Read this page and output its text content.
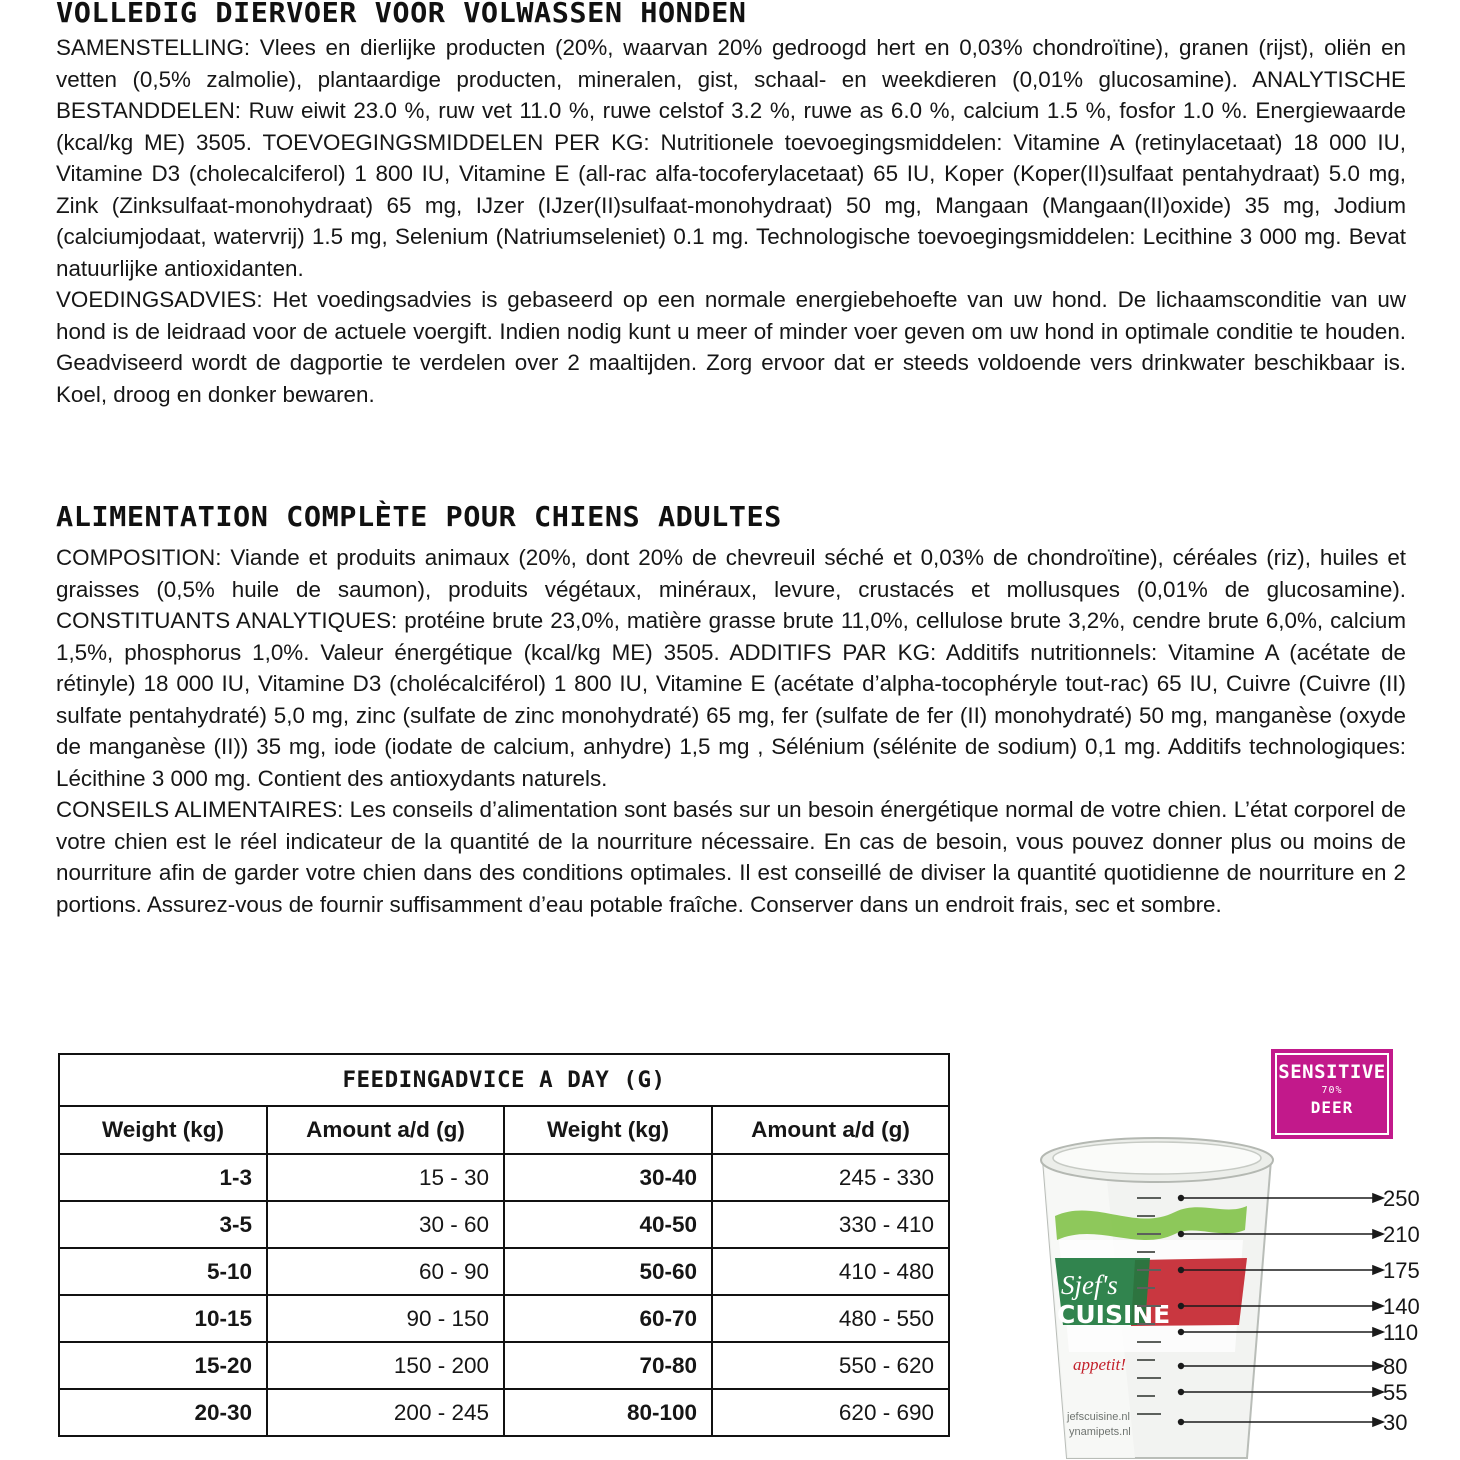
VOLLEDIG DIERVOER VOOR VOLWASSEN HONDEN

SAMENSTELLING: Vlees en dierlijke producten (20%, waarvan 20% gedroogd hert en 0,03% chondroïtine), granen (rijst), oliën en vetten (0,5% zalmolie), plantaardige producten, mineralen, gist, schaal- en weekdieren (0,01% glucosamine). ANALYTISCHE BESTANDDELEN: Ruw eiwit 23.0 %, ruw vet 11.0 %, ruwe celstof 3.2 %, ruwe as 6.0 %, calcium 1.5 %, fosfor 1.0 %. Energiewaarde (kcal/kg ME) 3505. TOEVOEGINGSMIDDELEN PER KG: Nutritionele toevoegingsmiddelen: Vitamine A (retinylacetaat) 18 000 IU, Vitamine D3 (cholecalciferol) 1 800 IU, Vitamine E (all-rac alfa-tocoferylacetaat) 65 IU, Koper (Koper(II)sulfaat pentahydraat) 5.0 mg, Zink (Zinksulfaat-monohydraat) 65 mg, IJzer (IJzer(II)sulfaat-monohydraat) 50 mg, Mangaan (Mangaan(II)oxide) 35 mg, Jodium (calciumjodaat, watervrij) 1.5 mg, Selenium (Natriumseleniet) 0.1 mg. Technologische toevoegingsmiddelen: Lecithine 3 000 mg. Bevat natuurlijke antioxidanten.

VOEDINGSADVIES: Het voedingsadvies is gebaseerd op een normale energiebehoefte van uw hond. De lichaamsconditie van uw hond is de leidraad voor de actuele voergift. Indien nodig kunt u meer of minder voer geven om uw hond in optimale conditie te houden. Geadviseerd wordt de dagportie te verdelen over 2 maaltijden. Zorg ervoor dat er steeds voldoende vers drinkwater beschikbaar is. Koel, droog en donker bewaren.

ALIMENTATION COMPLÈTE POUR CHIENS ADULTES

COMPOSITION: Viande et produits animaux (20%, dont 20% de chevreuil séché et 0,03% de chondroïtine), céréales (riz), huiles et graisses (0,5% huile de saumon), produits végétaux, minéraux, levure, crustacés et mollusques (0,01% de glucosamine). CONSTITUANTS ANALYTIQUES: protéine brute 23,0%, matière grasse brute 11,0%, cellulose brute 3,2%, cendre brute 6,0%, calcium 1,5%, phosphorus 1,0%. Valeur énergétique (kcal/kg ME) 3505. ADDITIFS PAR KG: Additifs nutritionnels: Vitamine A (acétate de rétinyle) 18 000 IU, Vitamine D3 (cholécalciférol) 1 800 IU, Vitamine E (acétate d’alpha-tocophéryle tout-rac) 65 IU, Cuivre (Cuivre (II) sulfate pentahydraté) 5,0 mg, zinc (sulfate de zinc monohydraté) 65 mg, fer (sulfate de fer (II) monohydraté) 50 mg, manganèse (oxyde de manganèse (II)) 35 mg, iode (iodate de calcium, anhydre) 1,5 mg , Sélénium (sélénite de sodium) 0,1 mg. Additifs technologiques: Lécithine 3 000 mg. Contient des antioxydants naturels.

CONSEILS ALIMENTAIRES: Les conseils d’alimentation sont basés sur un besoin énergétique normal de votre chien. L’état corporel de votre chien est le réel indicateur de la quantité de la nourriture nécessaire. En cas de besoin, vous pouvez donner plus ou moins de nourriture afin de garder votre chien dans des conditions optimales. Il est conseillé de diviser la quantité quotidienne de nourriture en 2 portions. Assurez-vous de fournir suffisamment d’eau potable fraîche. Conserver dans un endroit frais, sec et sombre.

FEEDINGADVICE A DAY (G)			
Weight (kg)	Amount a/d (g)	Weight (kg)	Amount a/d (g)
1-3	15 - 30	30-40	245 - 330
3-5	30 - 60	40-50	330 - 410
5-10	60 - 90	50-60	410 - 480
10-15	90 - 150	60-70	480 - 550
15-20	150 - 200	70-80	550 - 620
20-30	200 - 245	80-100	620 - 690
SENSITIVE
70%
DEER
Sjef's
CUISINE
appetit!
jefscuisine.nl
ynamipets.nl
250
210
175
140
110
80
55
30
